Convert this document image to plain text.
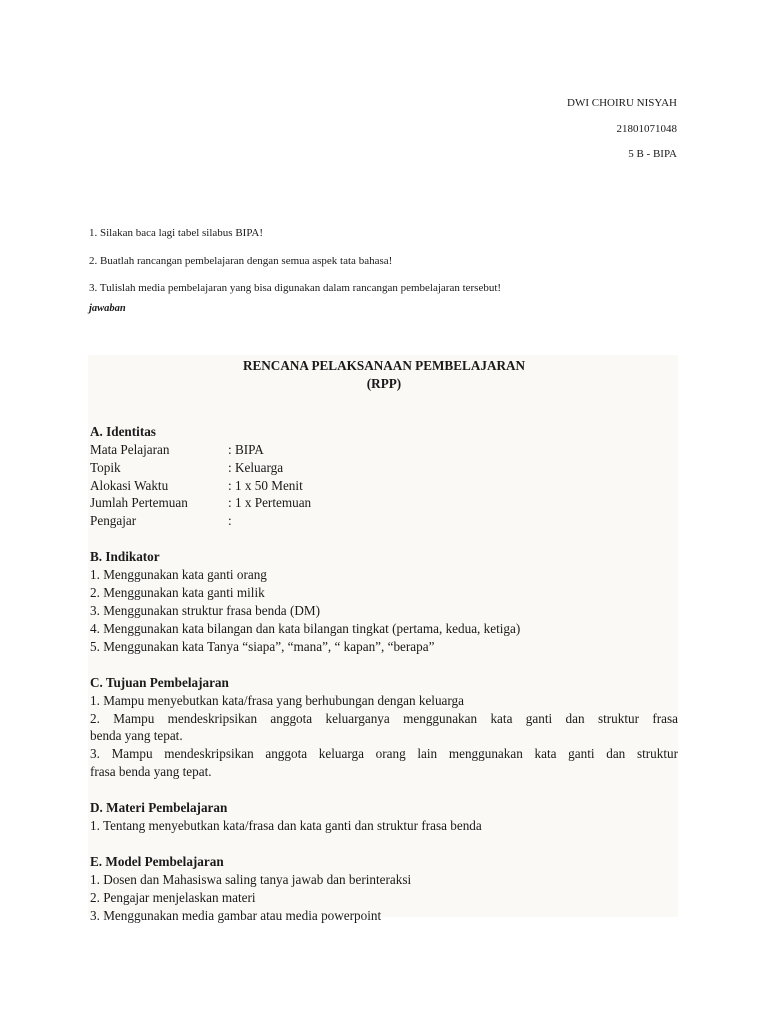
DWI CHOIRU NISYAH
21801071048
5 B - BIPA
1. Silakan baca lagi tabel silabus BIPA!
2. Buatlah rancangan pembelajaran dengan semua aspek tata bahasa!
3. Tulislah media pembelajaran yang bisa digunakan dalam rancangan pembelajaran tersebut!
jawaban
RENCANA PELAKSANAAN PEMBELAJARAN
(RPP)
A. Identitas
Mata Pelajaran	: BIPA
Topik	: Keluarga
Alokasi Waktu	: 1 x 50 Menit
Jumlah Pertemuan	: 1 x Pertemuan
Pengajar	:
B. Indikator
1. Menggunakan kata ganti orang
2. Menggunakan kata ganti milik
3. Menggunakan struktur frasa benda (DM)
4. Menggunakan kata bilangan dan kata bilangan tingkat (pertama, kedua, ketiga)
5. Menggunakan kata Tanya “siapa”, “mana”, “ kapan”, “berapa”
C. Tujuan Pembelajaran
1. Mampu menyebutkan kata/frasa yang berhubungan dengan keluarga
2. Mampu mendeskripsikan anggota keluarganya menggunakan kata ganti dan struktur frasa
benda yang tepat.
3. Mampu mendeskripsikan anggota keluarga orang lain menggunakan kata ganti dan struktur
frasa benda yang tepat.
D. Materi Pembelajaran
1. Tentang menyebutkan kata/frasa dan kata ganti dan struktur frasa benda
E. Model Pembelajaran
1. Dosen dan Mahasiswa saling tanya jawab dan berinteraksi
2. Pengajar menjelaskan materi
3. Menggunakan media gambar atau media powerpoint
